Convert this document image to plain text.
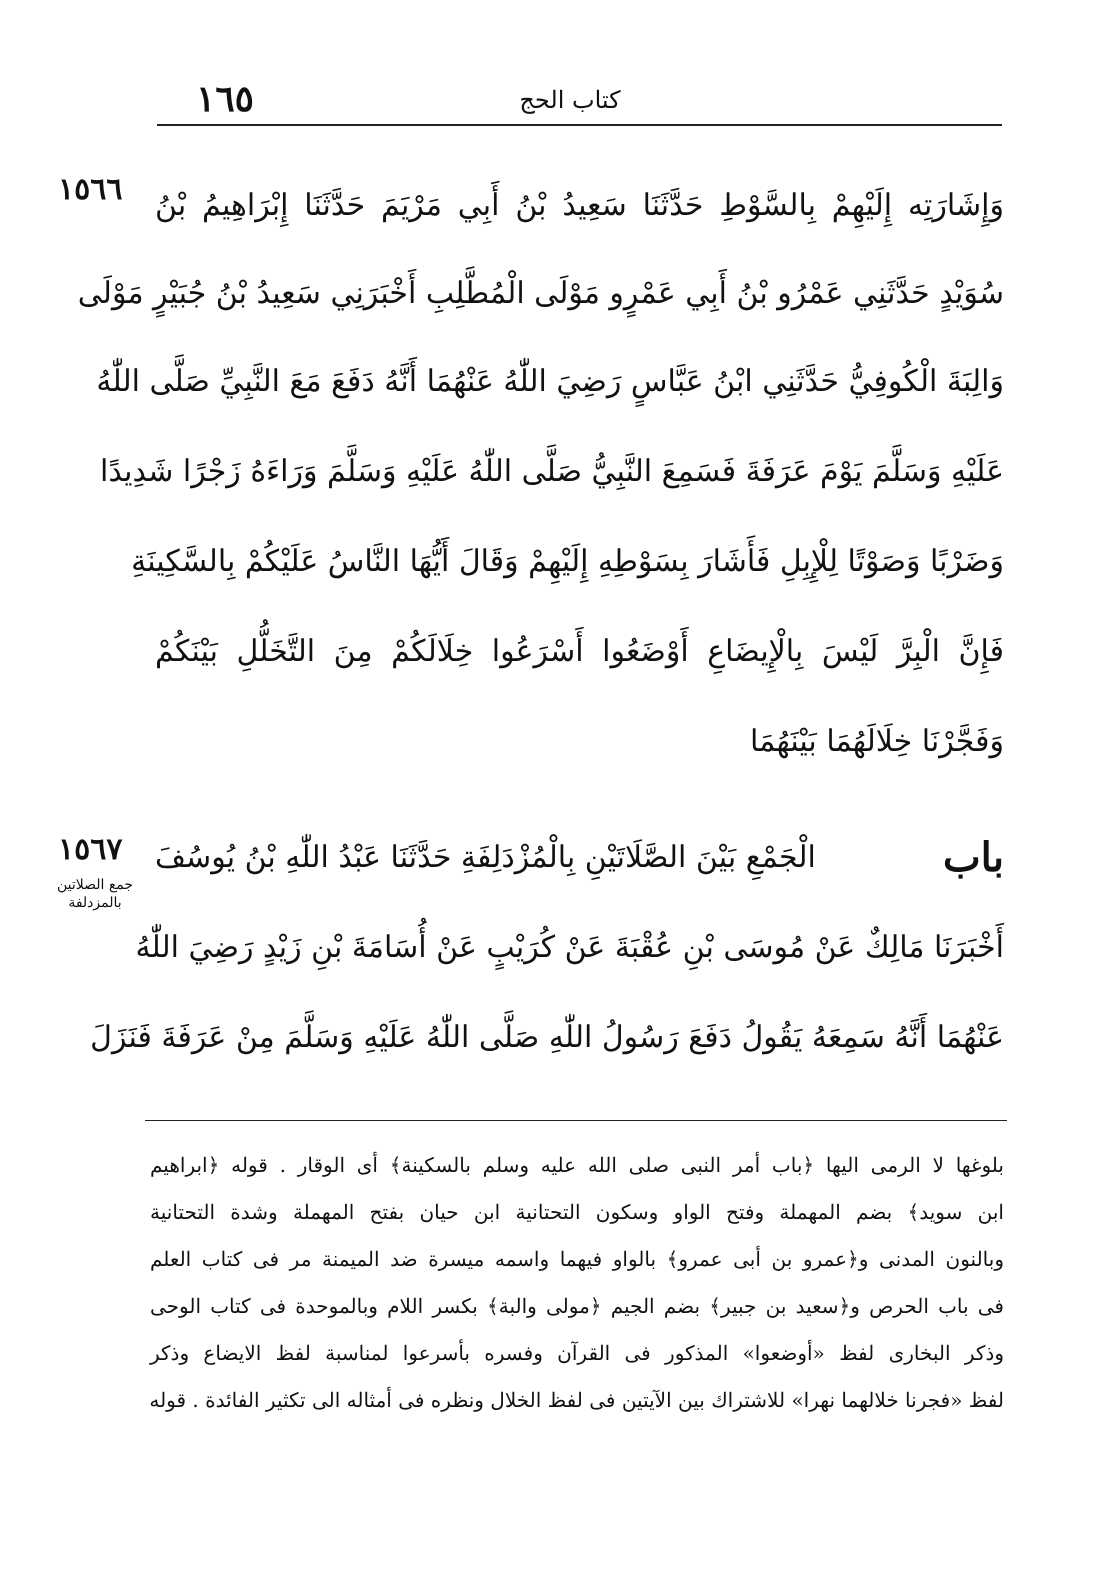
١٦٥	كتاب الحج
١٥٦٦
١٥٦٧
جمع الصلاتين
بالمزدلفة
وَإِشَارَتِه إِلَيْهِمْ بِالسَّوْطِ حَدَّثَنَا سَعِيدُ بْنُ أَبِي مَرْيَمَ حَدَّثَنَا إِبْرَاهِيمُ بْنُ
سُوَيْدٍ حَدَّثَنِي عَمْرُو بْنُ أَبِي عَمْرٍو مَوْلَى الْمُطَّلِبِ أَخْبَرَنِي سَعِيدُ بْنُ جُبَيْرٍ مَوْلَى
وَالِبَةَ الْكُوفِيُّ حَدَّثَنِي ابْنُ عَبَّاسٍ رَضِيَ اللّٰهُ عَنْهُمَا أَنَّهُ دَفَعَ مَعَ النَّبِيِّ صَلَّى اللّٰهُ
عَلَيْهِ وَسَلَّمَ يَوْمَ عَرَفَةَ فَسَمِعَ النَّبِيُّ صَلَّى اللّٰهُ عَلَيْهِ وَسَلَّمَ وَرَاءَهُ زَجْرًا شَدِيدًا
وَضَرْبًا وَصَوْتًا لِلْإِبِلِ فَأَشَارَ بِسَوْطِهِ إِلَيْهِمْ وَقَالَ أَيُّهَا النَّاسُ عَلَيْكُمْ بِالسَّكِينَةِ
فَإِنَّ الْبِرَّ لَيْسَ بِالْإِيضَاعِ أَوْضَعُوا أَسْرَعُوا خِلَالَكُمْ مِنَ التَّخَلُّلِ بَيْنَكُمْ
وَفَجَّرْنَا خِلَالَهُمَا بَيْنَهُمَا
باب
الْجَمْعِ بَيْنَ الصَّلَاتَيْنِ بِالْمُزْدَلِفَةِ حَدَّثَنَا عَبْدُ اللّٰهِ بْنُ يُوسُفَ
أَخْبَرَنَا مَالِكٌ عَنْ مُوسَى بْنِ عُقْبَةَ عَنْ كُرَيْبٍ عَنْ أُسَامَةَ بْنِ زَيْدٍ رَضِيَ اللّٰهُ
عَنْهُمَا أَنَّهُ سَمِعَهُ يَقُولُ دَفَعَ رَسُولُ اللّٰهِ صَلَّى اللّٰهُ عَلَيْهِ وَسَلَّمَ مِنْ عَرَفَةَ فَنَزَلَ
بلوغها لا الرمى اليها ﴿باب أمر النبى صلى الله عليه وسلم بالسكينة﴾ أى الوقار . قوله ﴿ابراهيم
ابن سويد﴾ بضم المهملة وفتح الواو وسكون التحتانية ابن حيان بفتح المهملة وشدة التحتانية
وبالنون المدنى و﴿عمرو بن أبى عمرو﴾ بالواو فيهما واسمه ميسرة ضد الميمنة مر فى كتاب العلم
فى باب الحرص و﴿سعيد بن جبير﴾ بضم الجيم ﴿مولى والبة﴾ بكسر اللام وبالموحدة فى كتاب الوحى
وذكر البخارى لفظ «أوضعوا» المذكور فى القرآن وفسره بأسرعوا لمناسبة لفظ الايضاع وذكر
لفظ «فجرنا خلالهما نهرا» للاشتراك بين الآيتين فى لفظ الخلال ونظره فى أمثاله الى تكثير الفائدة . قوله
